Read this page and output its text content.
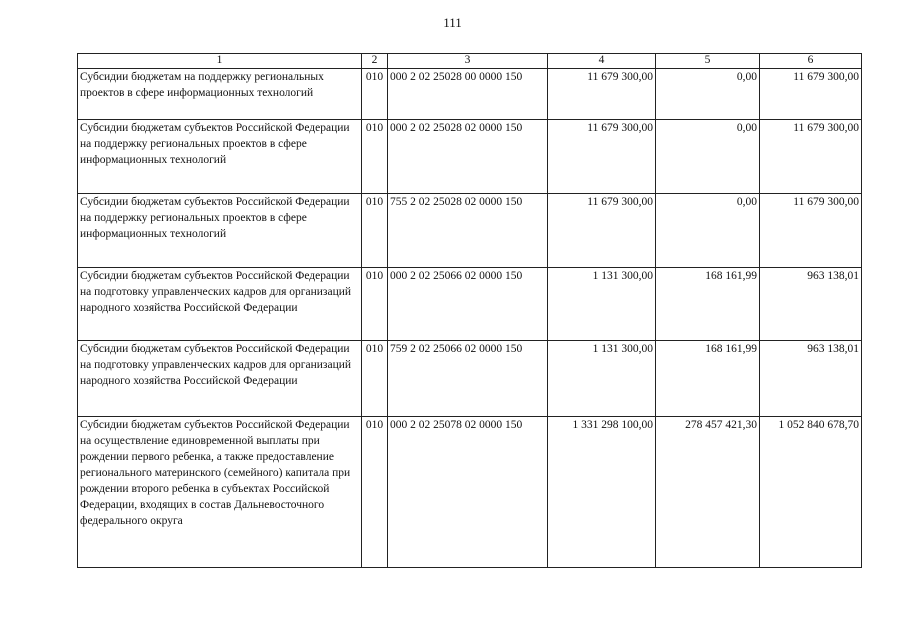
111
1	2	3	4	5	6
Субсидии бюджетам на поддержку региональных проектов в сфере информационных технологий	010	000 2 02 25028 00 0000 150	11 679 300,00	0,00	11 679 300,00
Субсидии бюджетам субъектов Российской Федерации на поддержку региональных проектов в сфере информационных технологий	010	000 2 02 25028 02 0000 150	11 679 300,00	0,00	11 679 300,00
Субсидии бюджетам субъектов Российской Федерации на поддержку региональных проектов в сфере информационных технологий	010	755 2 02 25028 02 0000 150	11 679 300,00	0,00	11 679 300,00
Субсидии бюджетам субъектов Российской Федерации на подготовку управленческих кадров для организаций народного хозяйства Российской Федерации	010	000 2 02 25066 02 0000 150	1 131 300,00	168 161,99	963 138,01
Субсидии бюджетам субъектов Российской Федерации на подготовку управленческих кадров для организаций народного хозяйства Российской Федерации	010	759 2 02 25066 02 0000 150	1 131 300,00	168 161,99	963 138,01
Субсидии бюджетам субъектов Российской Федерации на осуществление единовременной выплаты при рождении первого ребенка, а также предоставление регионального материнского (семейного) капитала при рождении второго ребенка в субъектах Российской Федерации, входящих в состав Дальневосточного федерального округа	010	000 2 02 25078 02 0000 150	1 331 298 100,00	278 457 421,30	1 052 840 678,70
